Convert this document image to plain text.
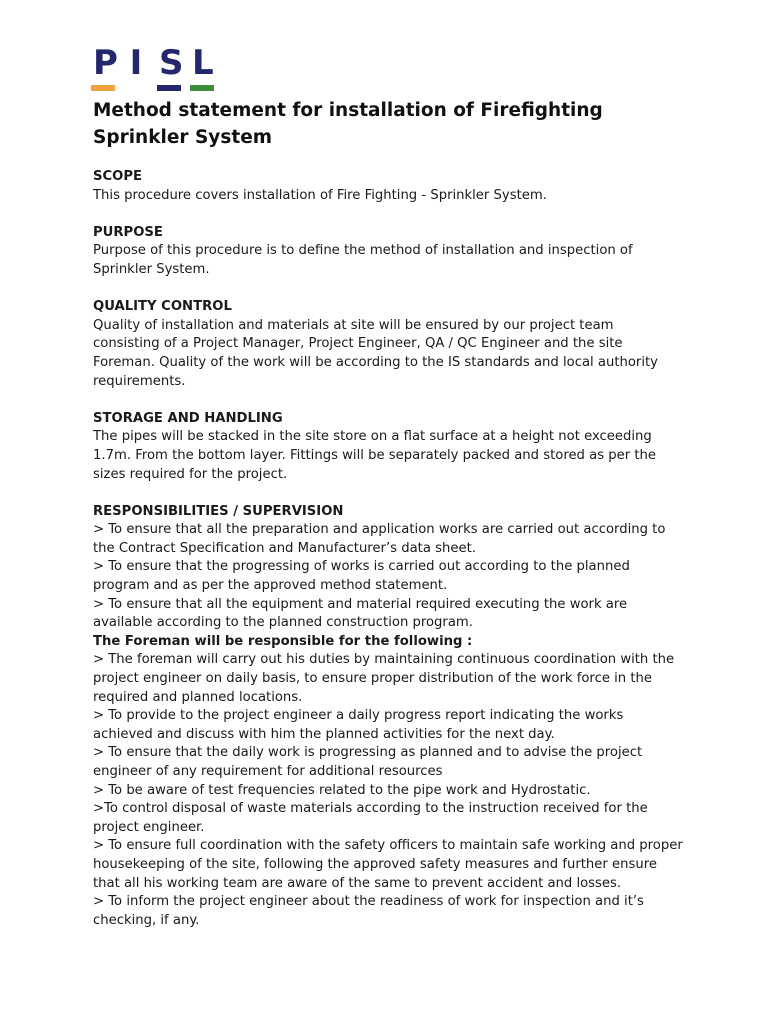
P I S L
Method statement for installation of Firefighting Sprinkler System

SCOPE

This procedure covers installation of Fire Fighting - Sprinkler System.

PURPOSE

Purpose of this procedure is to define the method of installation and inspection of Sprinkler System.

QUALITY CONTROL

Quality of installation and materials at site will be ensured by our project team consisting of a Project Manager, Project Engineer, QA / QC Engineer and the site Foreman. Quality of the work will be according to the IS standards and local authority requirements.

STORAGE AND HANDLING

The pipes will be stacked in the site store on a flat surface at a height not exceeding 1.7m. From the bottom layer. Fittings will be separately packed and stored as per the sizes required for the project.

RESPONSIBILITIES / SUPERVISION

> To ensure that all the preparation and application works are carried out according to the Contract Specification and Manufacturer’s data sheet.

> To ensure that the progressing of works is carried out according to the planned program and as per the approved method statement.

> To ensure that all the equipment and material required executing the work are available according to the planned construction program.

The Foreman will be responsible for the following :

> The foreman will carry out his duties by maintaining continuous coordination with the project engineer on daily basis, to ensure proper distribution of the work force in the required and planned locations.

> To provide to the project engineer a daily progress report indicating the works achieved and discuss with him the planned activities for the next day.

> To ensure that the daily work is progressing as planned and to advise the project engineer of any requirement for additional resources

> To be aware of test frequencies related to the pipe work and Hydrostatic.

>To control disposal of waste materials according to the instruction received for the project engineer.

> To ensure full coordination with the safety officers to maintain safe working and proper housekeeping of the site, following the approved safety measures and further ensure that all his working team are aware of the same to prevent accident and losses.

> To inform the project engineer about the readiness of work for inspection and it’s checking, if any.
